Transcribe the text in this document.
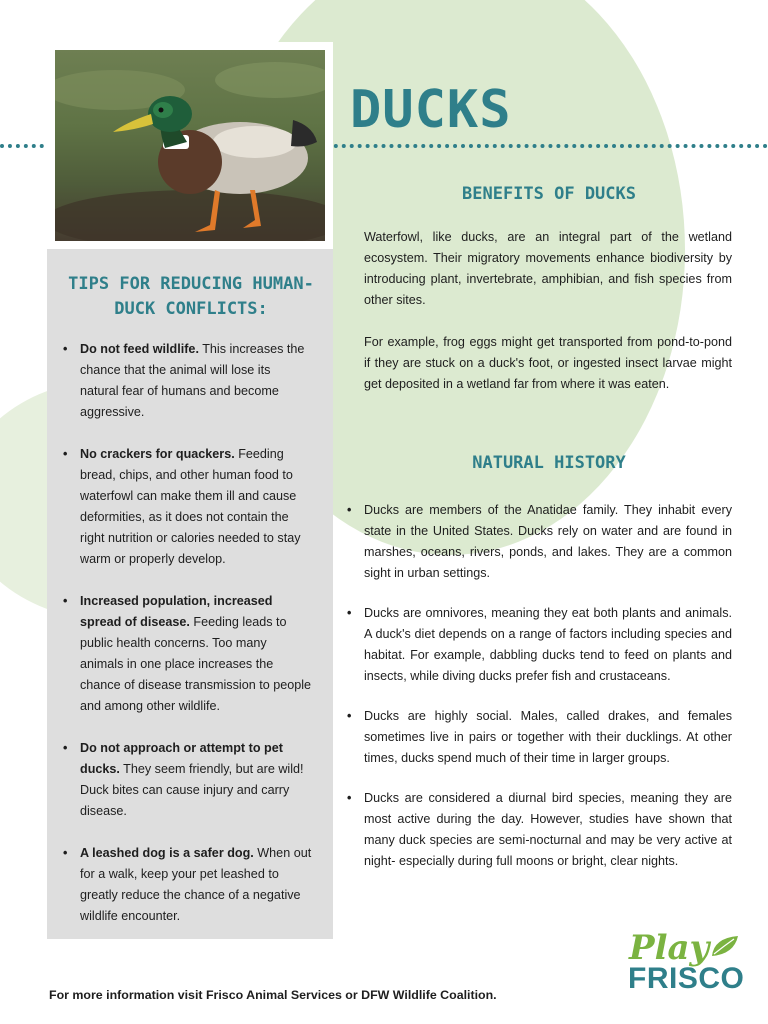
DUCKS
TIPS FOR REDUCING HUMAN-
DUCK CONFLICTS:
• Do not feed wildlife. This increases the chance that the animal will lose its natural fear of humans and become aggressive.
• No crackers for quackers. Feeding bread, chips, and other human food to waterfowl can make them ill and cause deformities, as it does not contain the right nutrition or calories needed to stay warm or properly develop.
• Increased population, increased spread of disease. Feeding leads to public health concerns. Too many animals in one place increases the chance of disease transmission to people and among other wildlife.
• Do not approach or attempt to pet ducks. They seem friendly, but are wild! Duck bites can cause injury and carry disease.
• A leashed dog is a safer dog. When out for a walk, keep your pet leashed to greatly reduce the chance of a negative wildlife encounter.
BENEFITS OF DUCKS

Waterfowl, like ducks, are an integral part of the wetland ecosystem. Their migratory movements enhance biodiversity by introducing plant, invertebrate, amphibian, and fish species from other sites.

For example, frog eggs might get transported from pond-to-pond if they are stuck on a duck's foot, or ingested insect larvae might get deposited in a wetland far from where it was eaten.

NATURAL HISTORY
• Ducks are members of the Anatidae family. They inhabit every state in the United States. Ducks rely on water and are found in marshes, oceans, rivers, ponds, and lakes. They are a common sight in urban settings.
• Ducks are omnivores, meaning they eat both plants and animals. A duck's diet depends on a range of factors including species and habitat. For example, dabbling ducks tend to feed on plants and insects, while diving ducks prefer fish and crustaceans.
• Ducks are highly social. Males, called drakes, and females sometimes live in pairs or together with their ducklings. At other times, ducks spend much of their time in larger groups.
• Ducks are considered a diurnal bird species, meaning they are most active during the day. However, studies have shown that many duck species are semi-nocturnal and may be very active at night- especially during full moons or bright, clear nights.

For more information visit Frisco Animal Services or DFW Wildlife Coalition.

Play
FRISCO
